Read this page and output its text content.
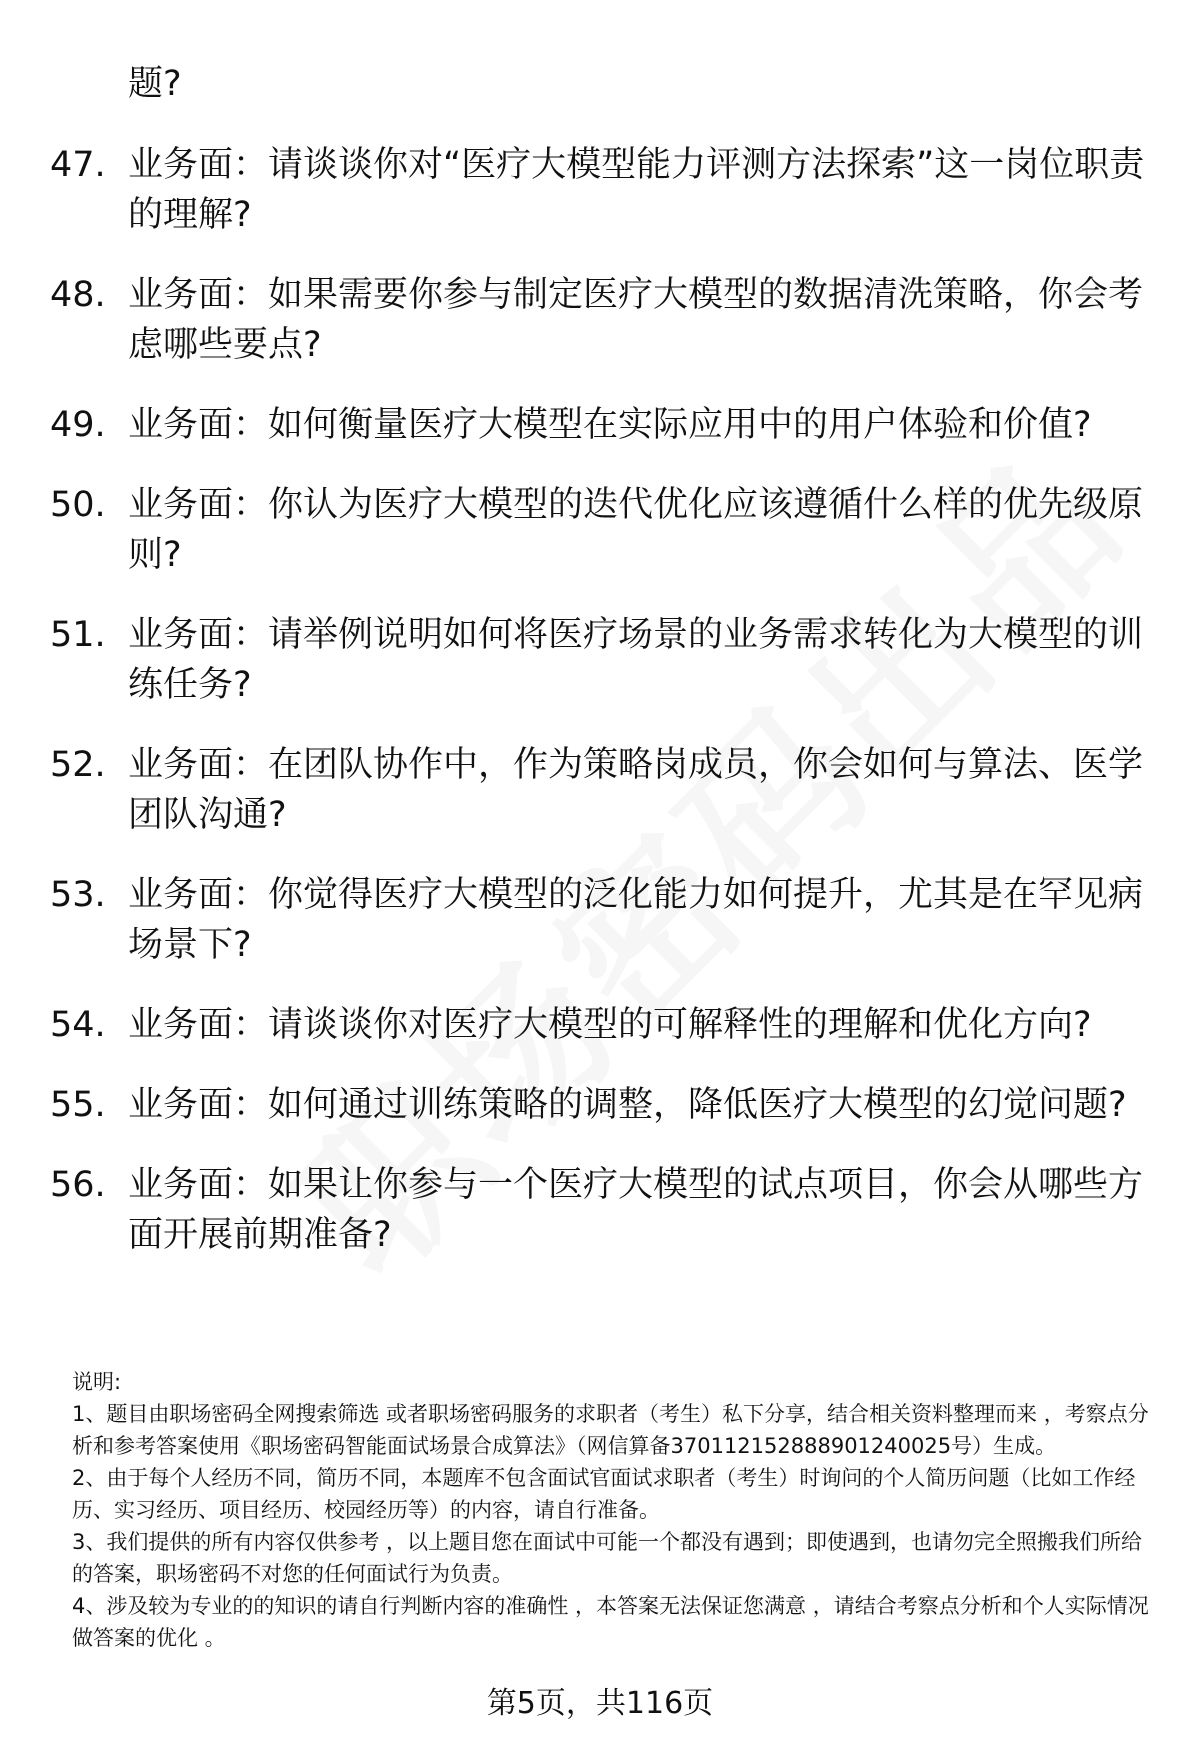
题?
47. 业务面：请谈谈你对“医疗大模型能力评测方法探索”这一岗位职责的理解?
48. 业务面：如果需要你参与制定医疗大模型的数据清洗策略，你会考虑哪些要点?
49. 业务面：如何衡量医疗大模型在实际应用中的用户体验和价值?
50. 业务面：你认为医疗大模型的迭代优化应该遵循什么样的优先级原则?
51. 业务面：请举例说明如何将医疗场景的业务需求转化为大模型的训练任务?
52. 业务面：在团队协作中，作为策略岗成员，你会如何与算法、医学团队沟通?
53. 业务面：你觉得医疗大模型的泛化能力如何提升，尤其是在罕见病场景下?
54. 业务面：请谈谈你对医疗大模型的可解释性的理解和优化方向?
55. 业务面：如何通过训练策略的调整，降低医疗大模型的幻觉问题?
56. 业务面：如果让你参与一个医疗大模型的试点项目，你会从哪些方面开展前期准备?
说明:
1、题目由职场密码全网搜索筛选 或者职场密码服务的求职者（考生）私下分享，结合相关资料整理而来 ，考察点分析和参考答案使用《职场密码智能面试场景合成算法》（网信算备370112152888901240025号）生成。
2、由于每个人经历不同，简历不同，本题库不包含面试官面试求职者（考生）时询问的个人简历问题（比如工作经历、实习经历、项目经历、校园经历等）的内容，请自行准备。
3、我们提供的所有内容仅供参考 ，以上题目您在面试中可能一个都没有遇到；即使遇到，也请勿完全照搬我们所给的答案，职场密码不对您的任何面试行为负责。
4、涉及较为专业的的知识的请自行判断内容的准确性 ，本答案无法保证您满意 ，请结合考察点分析和个人实际情况做答案的优化 。
第5页，共116页
